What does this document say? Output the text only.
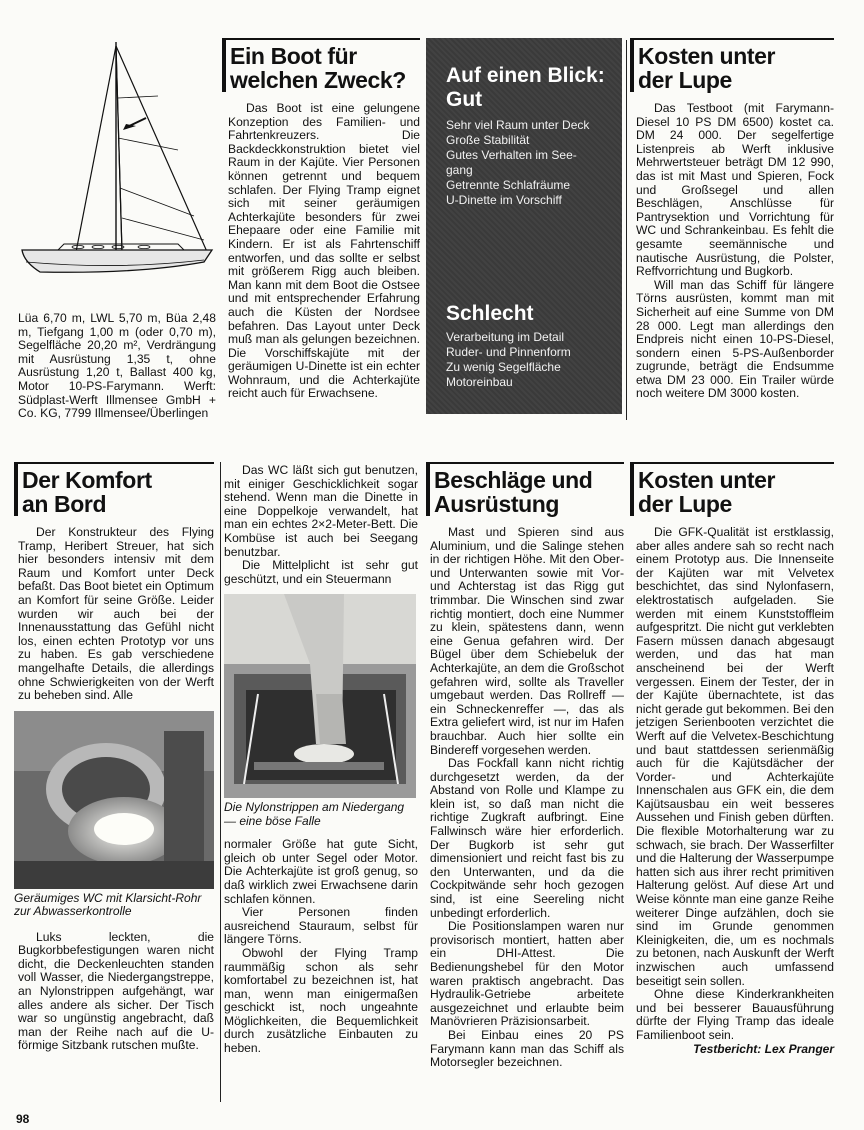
Lüa 6,70 m, LWL 5,70 m, Büa 2,48 m, Tiefgang 1,00 m (oder 0,70 m), Segelfläche 20,20 m², Verdrängung mit Ausrüstung 1,35 t, ohne Ausrüstung 1,20 t, Ballast 400 kg, Motor 10-PS-Farymann. Werft: Südplast-Werft Illmensee GmbH + Co. KG, 7799 Illmensee/Überlingen

Ein Boot für
welchen Zweck?

Das Boot ist eine gelungene Konzeption des Familien- und Fahrtenkreuzers. Die Backdeckkonstruktion bietet viel Raum in der Kajüte. Vier Personen können getrennt und bequem schlafen. Der Flying Tramp eignet sich mit seiner geräumigen Achterkajüte besonders für zwei Ehepaare oder eine Familie mit Kindern. Er ist als Fahrtenschiff entworfen, und das sollte er selbst mit größerem Rigg auch bleiben. Man kann mit dem Boot die Ostsee und mit entsprechender Erfahrung auch die Küsten der Nordsee befahren. Das Layout unter Deck muß man als gelungen bezeichnen. Die Vorschiffskajüte mit der geräumigen U-Dinette ist ein echter Wohnraum, und die Achterkajüte reicht auch für Erwachsene.

Auf einen Blick:
Gut

Sehr viel Raum unter Deck

Große Stabilität

Gutes Verhalten im See-

gang

Getrennte Schlafräume

U-Dinette im Vorschiff

Schlecht

Verarbeitung im Detail

Ruder- und Pinnenform

Zu wenig Segelfläche

Motoreinbau

Kosten unter
der Lupe

Das Testboot (mit Farymann-Diesel 10 PS DM 6500) kostet ca. DM 24 000. Der segelfertige Listenpreis ab Werft inklusive Mehrwertsteuer beträgt DM 12 990, das ist mit Mast und Spieren, Fock und Großsegel und allen Beschlägen, Anschlüsse für Pantrysektion und Vorrichtung für WC und Schrankeinbau. Es fehlt die gesamte seemännische und nautische Ausrüstung, die Polster, Reffvorrichtung und Bugkorb.

Will man das Schiff für längere Törns ausrüsten, kommt man mit Sicherheit auf eine Summe von DM 28 000. Legt man allerdings den Endpreis nicht einen 10-PS-Diesel, sondern einen 5-PS-Außenborder zugrunde, beträgt die Endsumme etwa DM 23 000. Ein Trailer würde noch weitere DM 3000 kosten.

Der Komfort
an Bord

Der Konstrukteur des Flying Tramp, Heribert Streuer, hat sich hier besonders intensiv mit dem Raum und Komfort unter Deck befaßt. Das Boot bietet ein Optimum an Komfort für seine Größe. Leider wurden wir auch bei der Innenausstattung das Gefühl nicht los, einen echten Prototyp vor uns zu haben. Es gab verschiedene mangelhafte Details, die allerdings ohne Schwierigkeiten von der Werft zu beheben sind. Alle

Geräumiges WC mit Klarsicht-Rohr zur Abwasserkontrolle

Luks leckten, die Bugkorbbefestigungen waren nicht dicht, die Deckenleuchten standen voll Wasser, die Niedergangstreppe, an Nylonstrippen aufgehängt, war alles andere als sicher. Der Tisch war so ungünstig angebracht, daß man der Reihe nach auf die U-förmige Sitzbank rutschen mußte.

Das WC läßt sich gut benutzen, mit einiger Geschicklichkeit sogar stehend. Wenn man die Dinette in eine Doppelkoje verwandelt, hat man ein echtes 2×2-Meter-Bett. Die Kombüse ist auch bei Seegang benutzbar.

Die Mittelplicht ist sehr gut geschützt, und ein Steuermann

Die Nylonstrippen am Niedergang — eine böse Falle

normaler Größe hat gute Sicht, gleich ob unter Segel oder Motor. Die Achterkajüte ist groß genug, so daß wirklich zwei Erwachsene darin schlafen können.

Vier Personen finden ausreichend Stauraum, selbst für längere Törns.

Obwohl der Flying Tramp raummäßig schon als sehr komfortabel zu bezeichnen ist, hat man, wenn man einigermaßen geschickt ist, noch ungeahnte Möglichkeiten, die Bequemlichkeit durch zusätzliche Einbauten zu heben.

Beschläge und
Ausrüstung

Mast und Spieren sind aus Aluminium, und die Salinge stehen in der richtigen Höhe. Mit den Ober- und Unterwanten sowie mit Vor- und Achterstag ist das Rigg gut trimmbar. Die Winschen sind zwar richtig montiert, doch eine Nummer zu klein, spätestens dann, wenn eine Genua gefahren wird. Der Bügel über dem Schiebeluk der Achterkajüte, an dem die Großschot gefahren wird, sollte als Traveller umgebaut werden. Das Rollreff — ein Schneckenreffer —, das als Extra geliefert wird, ist nur im Hafen brauchbar. Auch hier sollte ein Bindereff vorgesehen werden.

Das Fockfall kann nicht richtig durchgesetzt werden, da der Abstand von Rolle und Klampe zu klein ist, so daß man nicht die richtige Zugkraft aufbringt. Eine Fallwinsch wäre hier erforderlich. Der Bugkorb ist sehr gut dimensioniert und reicht fast bis zu den Unterwanten, und da die Cockpitwände sehr hoch gezogen sind, ist eine Seereling nicht unbedingt erforderlich.

Die Positionslampen waren nur provisorisch montiert, hatten aber ein DHI-Attest. Die Bedienungshebel für den Motor waren praktisch angebracht. Das Hydraulik-Getriebe arbeitete ausgezeichnet und erlaubte beim Manövrieren Präzisionsarbeit.

Bei Einbau eines 20 PS Farymann kann man das Schiff als Motorsegler bezeichnen.

Kosten unter
der Lupe

Die GFK-Qualität ist erstklassig, aber alles andere sah so recht nach einem Prototyp aus. Die Innenseite der Kajüten war mit Velvetex beschichtet, das sind Nylonfasern, elektrostatisch aufgeladen. Sie werden mit einem Kunststoffleim aufgespritzt. Die nicht gut verklebten Fasern müssen danach abgesaugt werden, und das hat man anscheinend bei der Werft vergessen. Einem der Tester, der in der Kajüte übernachtete, ist das nicht gerade gut bekommen. Bei den jetzigen Serienbooten verzichtet die Werft auf die Velvetex-Beschichtung und baut stattdessen serienmäßig auch für die Kajütsdächer der Vorder- und Achterkajüte Innenschalen aus GFK ein, die dem Kajütsausbau ein weit besseres Aussehen und Finish geben dürften. Die flexible Motorhalterung war zu schwach, sie brach. Der Wasserfilter und die Halterung der Wasserpumpe hatten sich aus ihrer recht primitiven Halterung gelöst. Auf diese Art und Weise könnte man eine ganze Reihe weiterer Dinge aufzählen, doch sie sind im Grunde genommen Kleinigkeiten, die, um es nochmals zu betonen, nach Auskunft der Werft inzwischen auch umfassend beseitigt sein sollen.

Ohne diese Kinderkrankheiten und bei besserer Bauausführung dürfte der Flying Tramp das ideale Familienboot sein.

Testbericht: Lex Pranger

98
